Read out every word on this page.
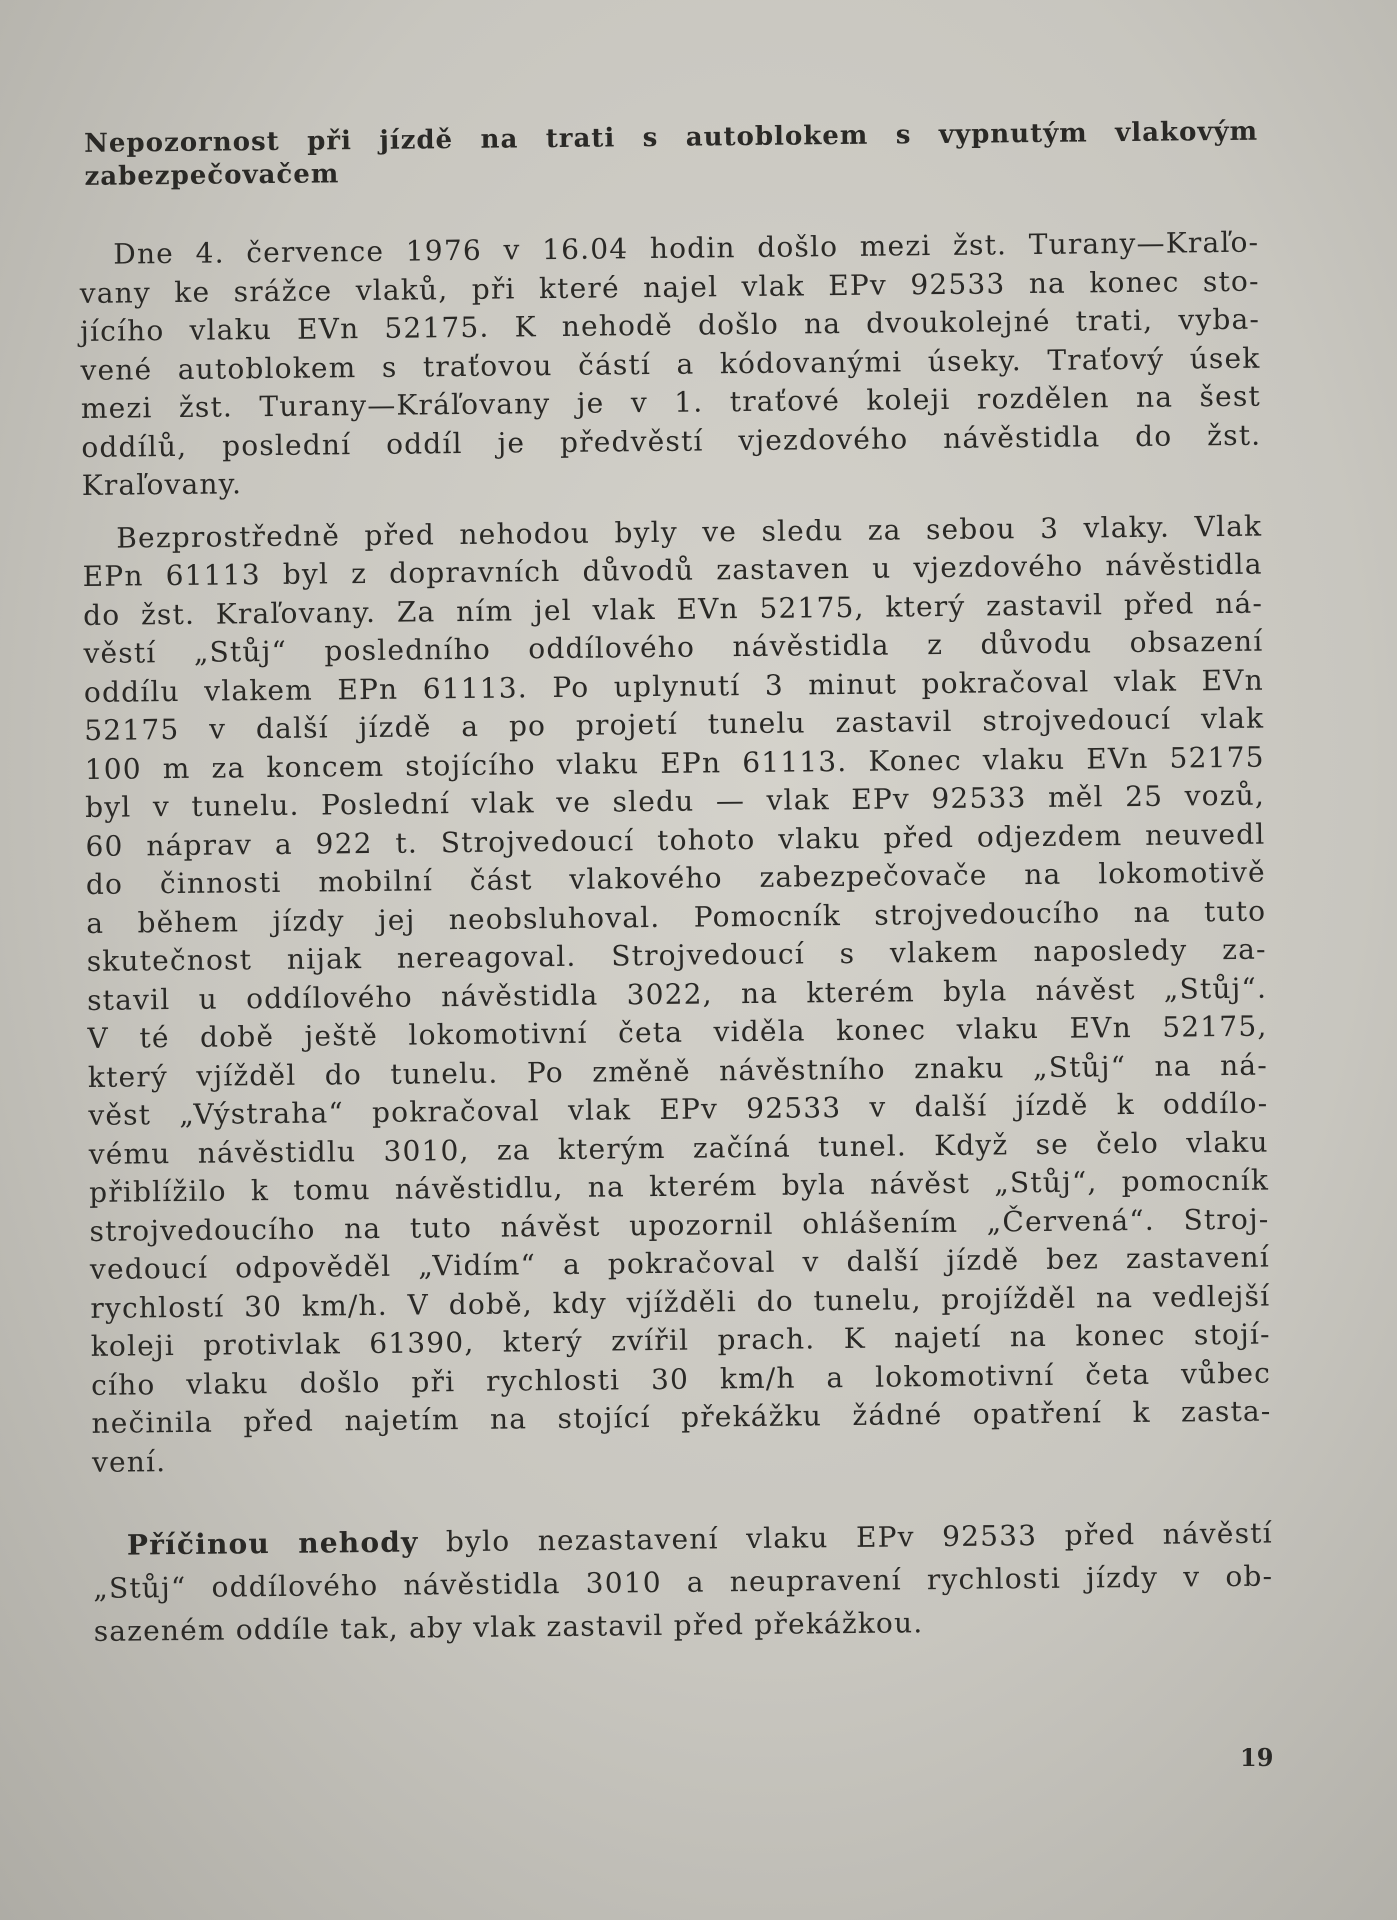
Nepozornost při jízdě na trati s autoblokem s vypnutým vlakovým
zabezpečovačem
Dne 4. července 1976 v 16.04 hodin došlo mezi žst. Turany—Kraľo-
vany ke srážce vlaků, při které najel vlak EPv 92533 na konec sto-
jícího vlaku EVn 52175. K nehodě došlo na dvoukolejné trati, vyba-
vené autoblokem s traťovou částí a kódovanými úseky. Traťový úsek
mezi žst. Turany—Kráľovany je v 1. traťové koleji rozdělen na šest
oddílů, poslední oddíl je předvěstí vjezdového návěstidla do žst.
Kraľovany.
Bezprostředně před nehodou byly ve sledu za sebou 3 vlaky. Vlak
EPn 61113 byl z dopravních důvodů zastaven u vjezdového návěstidla
do žst. Kraľovany. Za ním jel vlak EVn 52175, který zastavil před ná-
věstí „Stůj“ posledního oddílového návěstidla z důvodu obsazení
oddílu vlakem EPn 61113. Po uplynutí 3 minut pokračoval vlak EVn
52175 v další jízdě a po projetí tunelu zastavil strojvedoucí vlak
100 m za koncem stojícího vlaku EPn 61113. Konec vlaku EVn 52175
byl v tunelu. Poslední vlak ve sledu — vlak EPv 92533 měl 25 vozů,
60 náprav a 922 t. Strojvedoucí tohoto vlaku před odjezdem neuvedl
do činnosti mobilní část vlakového zabezpečovače na lokomotivě
a během jízdy jej neobsluhoval. Pomocník strojvedoucího na tuto
skutečnost nijak nereagoval. Strojvedoucí s vlakem naposledy za-
stavil u oddílového návěstidla 3022, na kterém byla návěst „Stůj“.
V té době ještě lokomotivní četa viděla konec vlaku EVn 52175,
který vjížděl do tunelu. Po změně návěstního znaku „Stůj“ na ná-
věst „Výstraha“ pokračoval vlak EPv 92533 v další jízdě k oddílo-
vému návěstidlu 3010, za kterým začíná tunel. Když se čelo vlaku
přiblížilo k tomu návěstidlu, na kterém byla návěst „Stůj“, pomocník
strojvedoucího na tuto návěst upozornil ohlášením „Červená“. Stroj-
vedoucí odpověděl „Vidím“ a pokračoval v další jízdě bez zastavení
rychlostí 30 km/h. V době, kdy vjížděli do tunelu, projížděl na vedlejší
koleji protivlak 61390, který zvířil prach. K najetí na konec stojí-
cího vlaku došlo při rychlosti 30 km/h a lokomotivní četa vůbec
nečinila před najetím na stojící překážku žádné opatření k zasta-
vení.
Příčinou nehody bylo nezastavení vlaku EPv 92533 před návěstí
„Stůj“ oddílového návěstidla 3010 a neupravení rychlosti jízdy v ob-
sazeném oddíle tak, aby vlak zastavil před překážkou.
19
